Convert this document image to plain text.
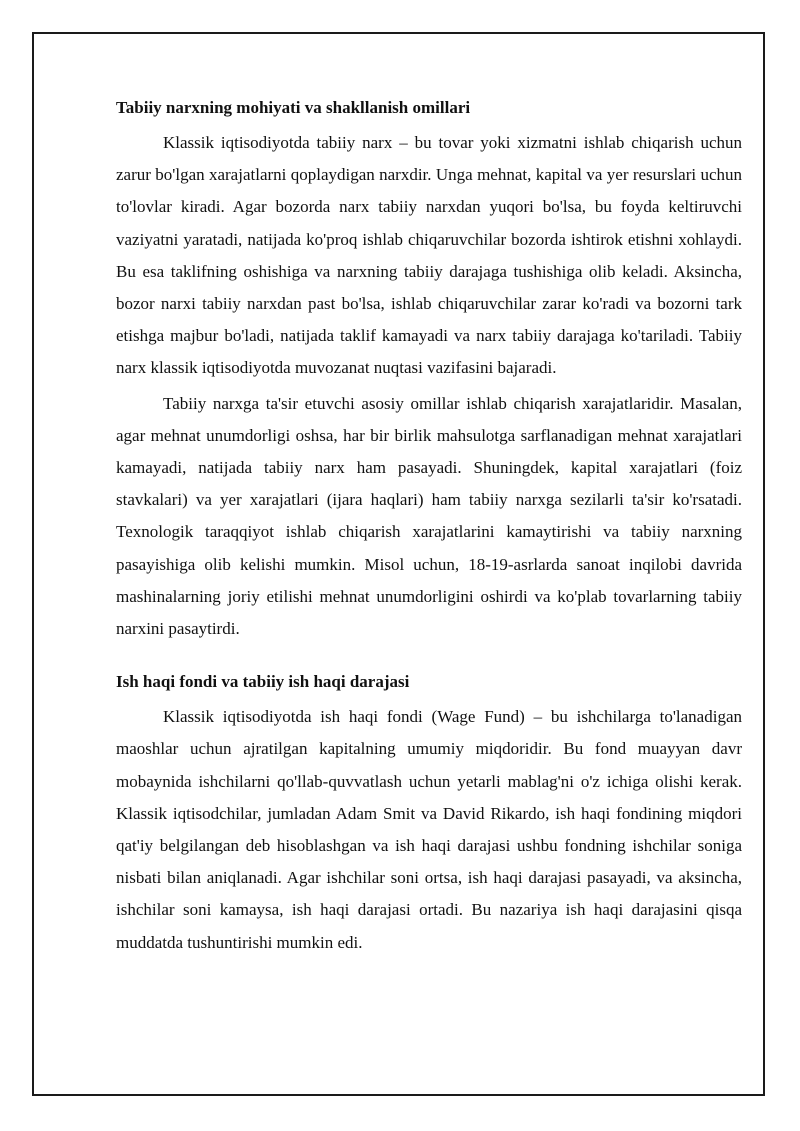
Tabiiy narxning mohiyati va shakllanish omillari

Klassik iqtisodiyotda tabiiy narx – bu tovar yoki xizmatni ishlab chiqarish uchun zarur bo'lgan xarajatlarni qoplaydigan narxdir. Unga mehnat, kapital va yer resurslari uchun to'lovlar kiradi. Agar bozorda narx tabiiy narxdan yuqori bo'lsa, bu foyda keltiruvchi vaziyatni yaratadi, natijada ko'proq ishlab chiqaruvchilar bozorda ishtirok etishni xohlaydi. Bu esa taklifning oshishiga va narxning tabiiy darajaga tushishiga olib keladi. Aksincha, bozor narxi tabiiy narxdan past bo'lsa, ishlab chiqaruvchilar zarar ko'radi va bozorni tark etishga majbur bo'ladi, natijada taklif kamayadi va narx tabiiy darajaga ko'tariladi. Tabiiy narx klassik iqtisodiyotda muvozanat nuqtasi vazifasini bajaradi.

Tabiiy narxga ta'sir etuvchi asosiy omillar ishlab chiqarish xarajatlaridir. Masalan, agar mehnat unumdorligi oshsa, har bir birlik mahsulotga sarflanadigan mehnat xarajatlari kamayadi, natijada tabiiy narx ham pasayadi. Shuningdek, kapital xarajatlari (foiz stavkalari) va yer xarajatlari (ijara haqlari) ham tabiiy narxga sezilarli ta'sir ko'rsatadi. Texnologik taraqqiyot ishlab chiqarish xarajatlarini kamaytirishi va tabiiy narxning pasayishiga olib kelishi mumkin. Misol uchun, 18-19-asrlarda sanoat inqilobi davrida mashinalarning joriy etilishi mehnat unumdorligini oshirdi va ko'plab tovarlarning tabiiy narxini pasaytirdi.

Ish haqi fondi va tabiiy ish haqi darajasi

Klassik iqtisodiyotda ish haqi fondi (Wage Fund) – bu ishchilarga to'lanadigan maoshlar uchun ajratilgan kapitalning umumiy miqdoridir. Bu fond muayyan davr mobaynida ishchilarni qo'llab-quvvatlash uchun yetarli mablag'ni o'z ichiga olishi kerak. Klassik iqtisodchilar, jumladan Adam Smit va David Rikardo, ish haqi fondining miqdori qat'iy belgilangan deb hisoblashgan va ish haqi darajasi ushbu fondning ishchilar soniga nisbati bilan aniqlanadi. Agar ishchilar soni ortsa, ish haqi darajasi pasayadi, va aksincha, ishchilar soni kamaysa, ish haqi darajasi ortadi. Bu nazariya ish haqi darajasini qisqa muddatda tushuntirishi mumkin edi.
